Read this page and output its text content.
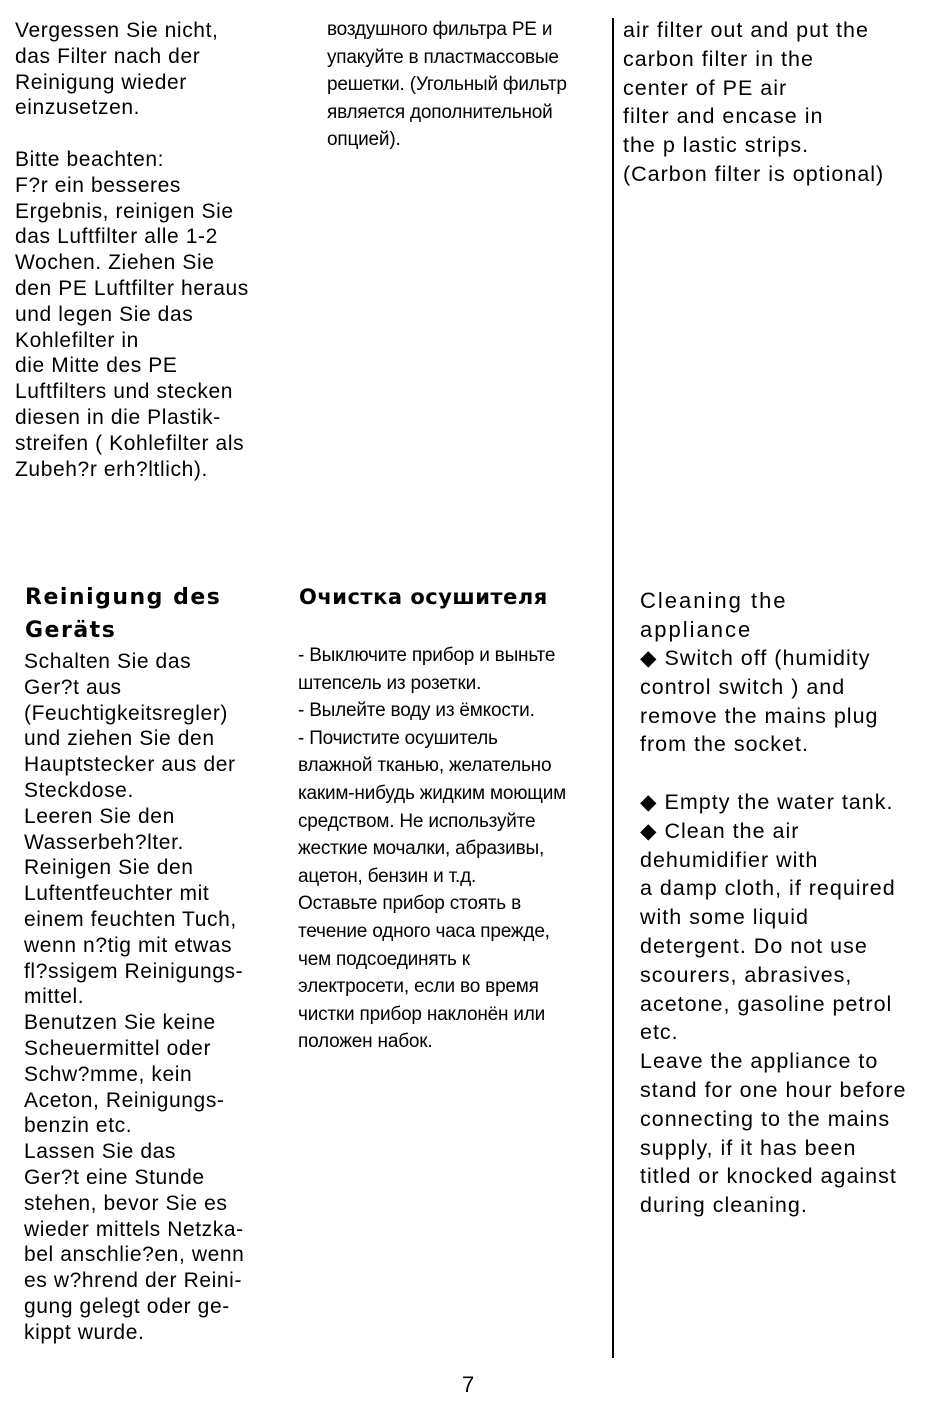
Vergessen Sie nicht,
das Filter nach der
Reinigung wieder
einzusetzen.

Bitte beachten:
F?r ein besseres
Ergebnis, reinigen Sie
das Luftfilter alle 1-2
Wochen. Ziehen Sie
den PE Luftfilter heraus
und legen Sie das
Kohlefilter in
die Mitte des PE
Luftfilters und stecken
diesen in die Plastik-
streifen ( Kohlefilter als
Zubeh?r erh?ltlich).

воздушного фильтра PE и
упакуйте в пластмассовые
решетки. (Угольный фильтр
является дополнительной
опцией).

air filter out and put the
carbon filter in the
center of PE air
filter and encase in
the p lastic strips.
(Carbon filter is optional)

Reinigung des
Geräts

Schalten Sie das
Ger?t aus
(Feuchtigkeitsregler)
und ziehen Sie den
Hauptstecker aus der
Steckdose.
Leeren Sie den
Wasserbeh?lter.
Reinigen Sie den
Luftentfeuchter mit
einem feuchten Tuch,
wenn n?tig mit etwas
fl?ssigem Reinigungs-
mittel.
Benutzen Sie keine
Scheuermittel oder
Schw?mme, kein
Aceton, Reinigungs-
benzin etc.
Lassen Sie das
Ger?t eine Stunde
stehen, bevor Sie es
wieder mittels Netzka-
bel anschlie?en, wenn
es w?hrend der Reini-
gung gelegt oder ge-
kippt wurde.

Очистка осушителя

- Выключите прибор и выньте
штепсель из розетки.
- Вылейте воду из ёмкости.
- Почистите осушитель
влажной тканью, желательно
каким-нибудь жидким моющим
средством. Не используйте
жесткие мочалки, абразивы,
ацетон, бензин и т.д.
Оставьте прибор стоять в
течение одного часа прежде,
чем подсоединять к
электросети, если во время
чистки прибор наклонён или
положен набок.

Cleaning the
appliance

◆ Switch off (humidity
control switch ) and
remove the mains plug
from the socket.

◆ Empty the water tank.
◆ Clean the air
dehumidifier with
a damp cloth, if required
with some liquid
detergent. Do not use
scourers, abrasives,
acetone, gasoline petrol
etc.
Leave the appliance to
stand for one hour before
connecting to the mains
supply, if it has been
titled or knocked against
during cleaning.

7
